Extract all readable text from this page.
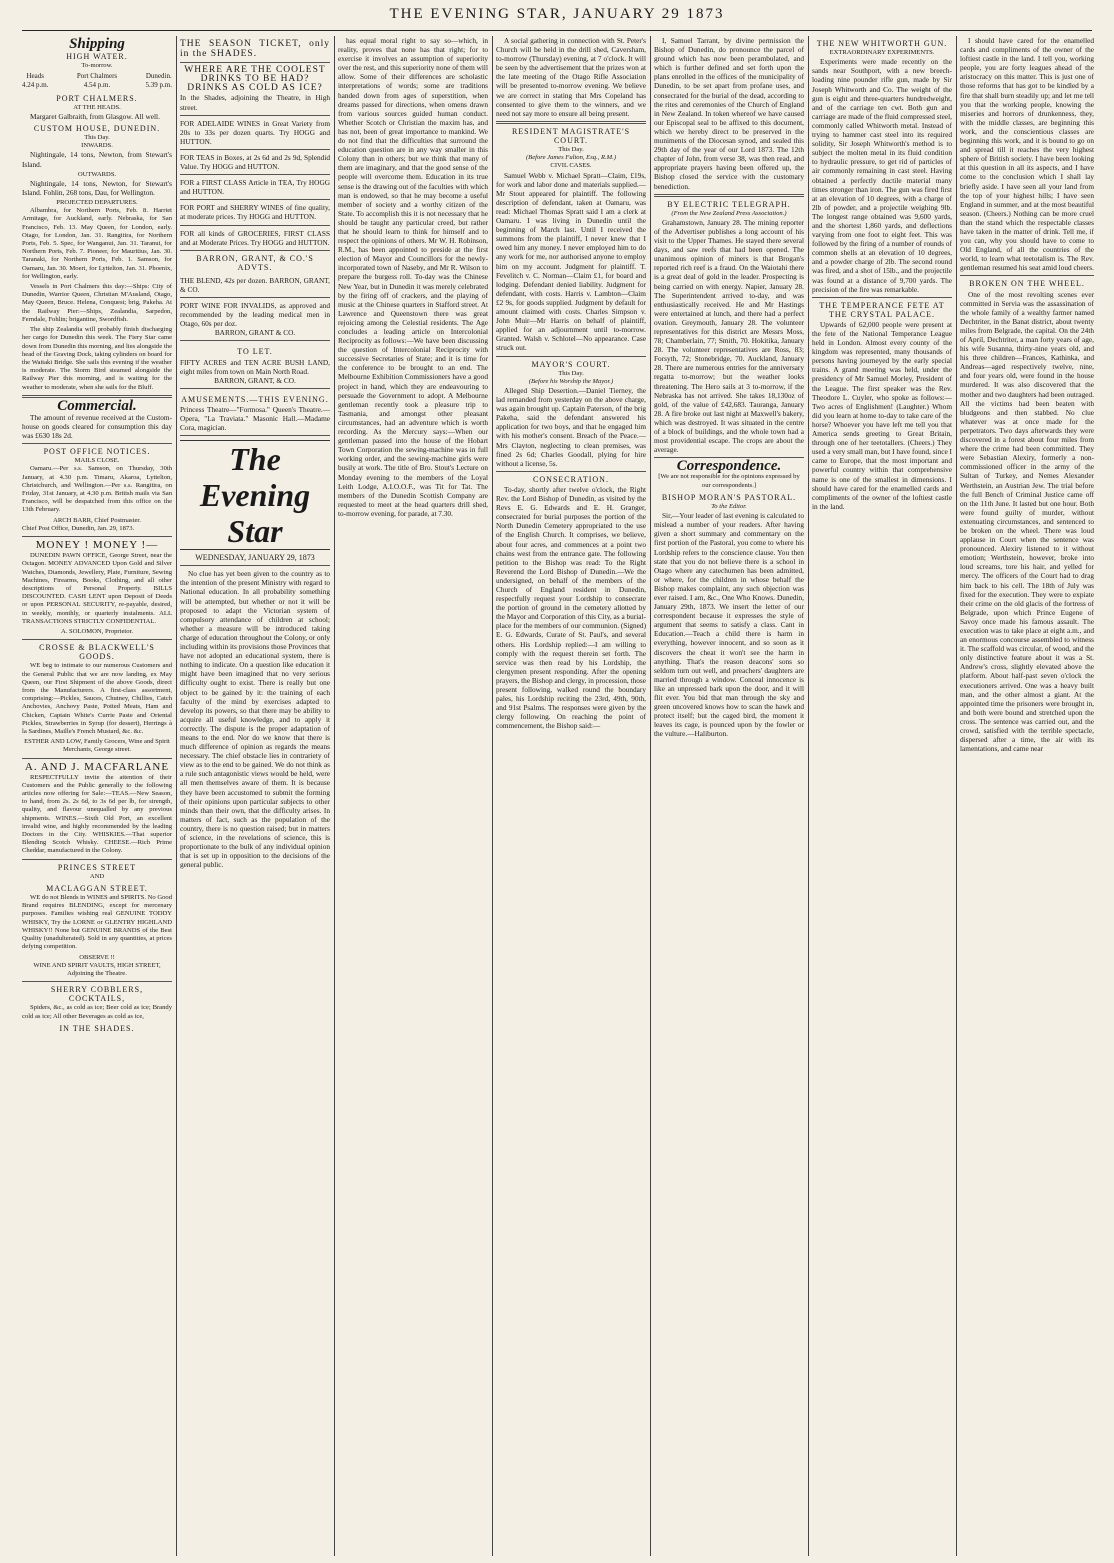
THE EVENING STAR, JANUARY 29 1873
Shipping
HIGH WATER.
To-morrow.
Heads
4.24 p.m.
Port Chalmers
4.54 p.m.
Dunedin.
5.39 p.m.
PORT CHALMERS.
AT THE HEADS.

Margaret Galbraith, from Glasgow. All well.

CUSTOM HOUSE, DUNEDIN.
This Day.
INWARDS.

Nightingale, 14 tons, Newton, from Stewart's Island.

OUTWARDS.

Nightingale, 14 tons, Newton, for Stewart's Island. Fohlin, 268 tons, Dau, for Wellington.

PROJECTED DEPARTURES.

Albambra, for Northern Ports, Feb. 8. Harriet Armitage, for Auckland, early. Nebraska, for San Francisco, Feb. 13. May Queen, for London, early. Otago, for London, Jan. 31. Rangitira, for Northern Ports, Feb. 5. Spec, for Wanganui, Jan. 31. Taranui, for Northern Ports, Feb. 7. Pioneer, for Mauritius, Jan. 30. Taranaki, for Northern Ports, Feb. 1. Samson, for Oamaru, Jan. 30. Moeri, for Lyttelton, Jan. 31. Phoenix, for Wellington, early.

Vessels in Port Chalmers this day:—Ships: City of Dunedin, Warrior Queen, Christian M'Ausland, Otago, May Queen, Bruce. Helena, Conquest; brig, Pakeha. At the Railway Pier:—Ships, Zealandia, Sarpedon, Ferndale, Fohlin; brigantine, Swordfish.

The ship Zealandia will probably finish discharging her cargo for Dunedin this week. The Fiery Star came down from Dunedin this morning, and lies alongside the head of the Graving Dock, taking cylinders on board for the Waitaki Bridge. She sails this evening if the weather is moderate. The Storm Bird steamed alongside the Railway Pier this morning, and is waiting for the weather to moderate, when she sails for the Bluff.

Commercial.

The amount of revenue received at the Custom-house on goods cleared for consumption this day was £630 18s 2d.

POST OFFICE NOTICES.
MAILS CLOSE.

Oamaru.—Per s.s. Samson, on Thursday, 30th January, at 4.30 p.m. Timaru, Akaroa, Lyttelton, Christchurch, and Wellington.—Per s.s. Rangitira, on Friday, 31st January, at 4.30 p.m. British mails via San Francisco, will be despatched from this office on the 13th February.

ARCH BARR, Chief Postmaster.
Chief Post Office, Dunedin, Jan. 29, 1873.
MONEY ! MONEY !—

DUNEDIN PAWN OFFICE, George Street, near the Octagon. MONEY ADVANCED Upon Gold and Silver Watches, Diamonds, Jewellery, Plate, Furniture, Sewing Machines, Firearms, Books, Clothing, and all other descriptions of Personal Property. BILLS DISCOUNTED. CASH LENT upon Deposit of Deeds or upon PERSONAL SECURITY, re-payable, desired, in weekly, monthly, or quarterly instalments. ALL TRANSACTIONS STRICTLY CONFIDENTIAL.

A. SOLOMON, Proprietor.
CROSSE & BLACKWELL'S GOODS.

WE beg to intimate to our numerous Customers and the General Public that we are now landing, ex May Queen, our First Shipment of the above Goods, direct from the Manufacturers. A first-class assortment, comprising:—Pickles, Sauces, Chutney, Chillies, Catch Anchovies, Anchovy Paste, Potted Meats, Ham and Chicken, Captain White's Currie Paste and Oriental Pickles, Strawberries in Syrup (for dessert), Herrings à la Sardines, Maille's French Mustard, &c. &c.

ESTHER AND LOW, Family Grocers, Wine and Spirit Merchants, George street.
A. AND J. MACFARLANE

RESPECTFULLY invite the attention of their Customers and the Public generally to the following articles now offering for Sale:—TEAS.—New Season, to hand, from 2s. 2s 6d, to 3s 6d per lb, for strength, quality, and flavour unequalled by any previous shipments. WINES.—Sixth Old Port, an excellent invalid wine, and highly recommended by the leading Doctors in the City. WHISKIES.—That superior Blending Scotch Whisky. CHEESE.—Rich Prime Cheddar, manufactured in the Colony.

PRINCES STREET
AND
MACLAGGAN STREET.

WE do not Blends in WINES and SPIRITS. No Good Brand requires BLENDING, except for mercenary purposes. Families wishing real GENUINE TODDY WHISKY, Try the LORNE or GLENTRY HIGHLAND WHISKY!! None but GENUINE BRANDS of the Best Quality (unadulterated). Sold in any quantities, at prices defying competition.

OBSERVE !!
WINE AND SPIRIT VAULTS, HIGH STREET, Adjoining the Theatre.
SHERRY COBBLERS, COCKTAILS,

Spiders, &c., as cold as ice; Beer cold as ice; Brandy cold as ice; All other Beverages as cold as ice,

IN THE SHADES.
THE SEASON TICKET, only in the SHADES.
WHERE ARE THE COOLEST DRINKS TO BE HAD?
DRINKS AS COLD AS ICE?
In the Shades, adjoining the Theatre, in High street.
FOR ADELAIDE WINES in Great Variety from 20s to 33s per dozen quarts. Try HOGG and HUTTON.
FOR TEAS in Boxes, at 2s 6d and 2s 9d, Splendid Value. Try HOGG and HUTTON.
FOR a FIRST CLASS Article in TEA, Try HOGG and HUTTON.
FOR PORT and SHERRY WINES of fine quality, at moderate prices. Try HOGG and HUTTON.
FOR all kinds of GROCERIES, FIRST CLASS and at Moderate Prices. Try HOGG and HUTTON.
BARRON, GRANT, & CO.'S ADVTS.
THE BLEND, 42s per dozen. BARRON, GRANT, & CO.
PORT WINE FOR INVALIDS, as approved and recommended by the leading medical men in Otago, 60s per doz.
BARRON, GRANT & CO.
TO LET.
FIFTY ACRES and TEN ACRE BUSH LAND, eight miles from town on Main North Road.
BARRON, GRANT, & CO.
AMUSEMENTS.—THIS EVENING.
Princess Theatre—"Formosa." Queen's Theatre.—Opera, "La Traviata." Masonic Hall.—Madame Cora, magician.
The Evening Star
WEDNESDAY, JANUARY 29, 1873

No clue has yet been given to the country as to the intention of the present Ministry with regard to National education. In all probability something will be attempted, but whether or not it will be proposed to adapt the Victorian system of compulsory attendance of children at school; whether a measure will be introduced taking charge of education throughout the Colony, or only including within its provisions those Provinces that have not adopted an educational system, there is nothing to indicate. On a question like education it might have been imagined that no very serious difficulty ought to exist. There is really but one object to be gained by it: the training of each faculty of the mind by exercises adapted to develop its powers, so that there may be ability to acquire all useful knowledge, and to apply it correctly. The dispute is the proper adaptation of means to the end. Nor do we know that there is much difference of opinion as regards the means necessary. The chief obstacle lies in contrariety of view as to the end to be gained. We do not think as a rule such antagonistic views would be held, were all men themselves aware of them. It is because they have been accustomed to submit the forming of their opinions upon particular subjects to other minds than their own, that the difficulty arises. In matters of fact, such as the population of the country, there is no question raised; but in matters of science, in the revelations of science, this is proportionate to the bulk of any individual opinion that is set up in opposition to the decisions of the general public.

has equal moral right to say so—which, in reality, proves that none has that right; for to exercise it involves an assumption of superiority over the rest, and this superiority none of them will allow. Some of their differences are scholastic interpretations of words; some are traditions handed down from ages of superstition, when dreams passed for directions, when omens drawn from various sources guided human conduct. Whether Scotch or Christian the maxim has, and has not, been of great importance to mankind. We do not find that the difficulties that surround the education question are in any way smaller in this Colony than in others; but we think that many of them are imaginary, and that the good sense of the people will overcome them. Education in its true sense is the drawing out of the faculties with which man is endowed, so that he may become a useful member of society and a worthy citizen of the State. To accomplish this it is not necessary that he should be taught any particular creed, but rather that he should learn to think for himself and to respect the opinions of others. Mr W. H. Robinson, R.M., has been appointed to preside at the first election of Mayor and Councillors for the newly-incorporated town of Naseby, and Mr R. Wilson to prepare the burgess roll. To-day was the Chinese New Year, but in Dunedin it was merely celebrated by the firing off of crackers, and the playing of music at the Chinese quarters in Stafford street. At Lawrence and Queenstown there was great rejoicing among the Celestial residents. The Age concludes a leading article on Intercolonial Reciprocity as follows:—We have been discussing the question of Intercolonial Reciprocity with successive Secretaries of State; and it is time for the conference to be brought to an end. The Melbourne Exhibition Commissioners have a good project in hand, which they are endeavouring to persuade the Government to adopt. A Melbourne gentleman recently took a pleasure trip to Tasmania, and amongst other pleasant circumstances, had an adventure which is worth recording. As the Mercury says:—When our gentleman passed into the house of the Hobart Town Corporation the sewing-machine was in full working order, and the sewing-machine girls were busily at work. The title of Bro. Stout's Lecture on Monday evening to the members of the Loyal Leith Lodge, A.I.O.O.F., was Tit for Tat. The members of the Dunedin Scottish Company are requested to meet at the head quarters drill shed, to-morrow evening, for parade, at 7.30.

A social gathering in connection with St. Peter's Church will be held in the drill shed, Caversham, to-morrow (Thursday) evening, at 7 o'clock. It will be seen by the advertisement that the prizes won at the late meeting of the Otago Rifle Association will be presented to-morrow evening. We believe we are correct in stating that Mrs Copeland has consented to give them to the winners, and we need not say more to ensure all being present.

RESIDENT MAGISTRATE'S COURT.
This Day.
(Before James Fulton, Esq., R.M.)
CIVIL CASES.

Samuel Webb v. Michael Spratt—Claim, £19s, for work and labor done and materials supplied.—Mr Stout appeared for plaintiff. The following description of defendant, taken at Oamaru, was read: Michael Thomas Spratt said I am a clerk at Oamaru. I was living in Dunedin until the beginning of March last. Until I received the summons from the plaintiff, I never knew that I owed him any money. I never employed him to do any work for me, nor authorised anyone to employ him on my account. Judgment for plaintiff. T. Fevelitch v. C. Norman—Claim £1, for board and lodging. Defendant denied liability. Judgment for defendant, with costs. Harris v. Lambton—Claim £2 9s, for goods supplied. Judgment by default for amount claimed with costs. Charles Simpson v. John Muir—Mr Harris on behalf of plaintiff, applied for an adjournment until to-morrow. Granted. Walsh v. Schlotel—No appearance. Case struck out.

MAYOR'S COURT.
This Day.
(Before his Worship the Mayor.)

Alleged Ship Desertion.—Daniel Tierney, the lad remanded from yesterday on the above charge, was again brought up. Captain Paterson, of the brig Pakeha, said the defendant answered his application for two boys, and that he engaged him with his mother's consent. Breach of the Peace.—Mrs Clayton, neglecting to clean premises, was fined 2s 6d; Charles Goodall, plying for hire without a license, 5s.

CONSECRATION.

To-day, shortly after twelve o'clock, the Right Rev. the Lord Bishop of Dunedin, as visited by the Revs E. G. Edwards and E. H. Granger, consecrated for burial purposes the portion of the North Dunedin Cemetery appropriated to the use of the English Church. It comprises, we believe, about four acres, and commences at a point two chains west from the entrance gate. The following petition to the Bishop was read: To the Right Reverend the Lord Bishop of Dunedin.—We the undersigned, on behalf of the members of the Church of England resident in Dunedin, respectfully request your Lordship to consecrate the portion of ground in the cemetery allotted by the Mayor and Corporation of this City, as a burial-place for the members of our communion. (Signed) E. G. Edwards, Curate of St. Paul's, and several others. His Lordship replied:—I am willing to comply with the request therein set forth. The service was then read by his Lordship, the clergymen present responding. After the opening prayers, the Bishop and clergy, in procession, those present following, walked round the boundary pales, his Lordship reciting the 23rd, 49th, 90th, and 91st Psalms. The responses were given by the clergy following. On reaching the point of commencement, the Bishop said:—

I, Samuel Tarrant, by divine permission the Bishop of Dunedin, do pronounce the parcel of ground which has now been perambulated, and which is further defined and set forth upon the plans enrolled in the offices of the municipality of Dunedin, to be set apart from profane uses, and consecrated for the burial of the dead, according to the rites and ceremonies of the Church of England in New Zealand. In token whereof we have caused our Episcopal seal to be affixed to this document, which we hereby direct to be preserved in the muniments of the Diocesan synod, and sealed this 29th day of the year of our Lord 1873. The 12th chapter of John, from verse 38, was then read, and appropriate prayers having been offered up, the Bishop closed the service with the customary benediction.

BY ELECTRIC TELEGRAPH.
(From the New Zealand Press Association.)

Grahamstown, January 28. The mining reporter of the Advertiser publishes a long account of his visit to the Upper Thames. He stayed there several days, and saw reefs that had been opened. The unanimous opinion of miners is that Brogan's reported rich reef is a fraud. On the Waiotahi there is a great deal of gold in the leader. Prospecting is being carried on with energy. Napier, January 28. The Superintendent arrived to-day, and was enthusiastically received. He and Mr Hastings were entertained at lunch, and there had a perfect ovation. Greymouth, January 28. The volunteer representatives for this district are Messrs Moss, 78; Chamberlain, 77; Smith, 70. Hokitika, January 28. The volunteer representatives are Ross, 83; Forsyth, 72; Stonebridge, 70. Auckland, January 28. There are numerous entries for the anniversary regatta to-morrow; but the weather looks threatening. The Hero sails at 3 to-morrow, if the Nebraska has not arrived. She takes 18,130oz of gold, of the value of £42,683. Tauranga, January 28. A fire broke out last night at Maxwell's bakery, which was destroyed. It was situated in the centre of a block of buildings, and the whole town had a most providential escape. The crops are about the average.

Correspondence.
[We are not responsible for the opinions expressed by our correspondents.]
BISHOP MORAN'S PASTORAL.
To the Editor.

Sir,—Your leader of last evening is calculated to mislead a number of your readers. After having given a short summary and commentary on the first portion of the Pastoral, you come to where his Lordship refers to the conscience clause. You then state that you do not believe there is a school in Otago where any catechumen has been admitted, or where, for the children in whose behalf the Bishop makes complaint, any such objection was ever raised. I am, &c., One Who Knows. Dunedin, January 29th, 1873. We insert the letter of our correspondent because it expresses the style of argument that seems to satisfy a class. Cant in Education.—Teach a child there is harm in everything, however innocent, and so soon as it discovers the cheat it won't see the harm in anything. That's the reason deacons' sons so seldom turn out well, and preachers' daughters are married through a window. Conceal innocence is like an unpressed bark upon the door, and it will flit ever. You bid that man through the sky and green uncovered knows how to scan the hawk and protect itself; but the caged bird, the moment it leaves its cage, is pounced upon by the fowler or the vulture.—Haliburton.

THE NEW WHITWORTH GUN.
EXTRAORDINARY EXPERIMENTS.

Experiments were made recently on the sands near Southport, with a new breech-loading nine pounder rifle gun, made by Sir Joseph Whitworth and Co. The weight of the gun is eight and three-quarters hundredweight, and of the carriage ten cwt. Both gun and carriage are made of the fluid compressed steel, commonly called Whitworth metal. Instead of trying to hammer cast steel into its required solidity, Sir Joseph Whitworth's method is to subject the molten metal in its fluid condition to hydraulic pressure, to get rid of particles of air commonly remaining in cast steel. Having obtained a perfectly ductile material many times stronger than iron. The gun was fired first at an elevation of 10 degrees, with a charge of 2lb of powder, and a projectile weighing 9lb. The longest range obtained was 9,600 yards, and the shortest 1,860 yards, and deflections varying from one foot to eight feet. This was followed by the firing of a number of rounds of common shells at an elevation of 10 degrees, and a powder charge of 2lb. The second round was fired, and a shot of 15lb., and the projectile was found at a distance of 9,700 yards. The precision of the fire was remarkable.

THE TEMPERANCE FETE AT THE CRYSTAL PALACE.

Upwards of 62,000 people were present at the fete of the National Temperance League held in London. Almost every county of the kingdom was represented, many thousands of persons having journeyed by the early special trains. A grand meeting was held, under the presidency of Mr Samuel Morley, President of the League. The first speaker was the Rev. Theodore L. Cuyler, who spoke as follows:—Two acres of Englishmen! (Laughter.) Whom did you learn at home to-day to take care of the horse? Whoever you have left me tell you that America sends greeting to Great Britain, through one of her teetotallers. (Cheers.) They used a very small man, but I have found, since I came to Europe, that the most important and powerful country within that comprehensive name is one of the smallest in dimensions. I should have cared for the enamelled cards and compliments of the owner of the loftiest castle in the land.

I should have cared for the enamelled cards and compliments of the owner of the loftiest castle in the land. I tell you, working people, you are forty leagues ahead of the aristocracy on this matter. This is just one of those reforms that has got to be kindled by a fire that shall burn steadily up; and let me tell you that the working people, knowing the miseries and horrors of drunkenness, they, with the middle classes, are beginning this work, and the conscientious classes are beginning this work, and it is bound to go on and spread till it reaches the very highest sphere of British society. I have been looking at this question in all its aspects, and I have come to the conclusion which I shall lay briefly aside. I have seen all your land from the top of your highest hills; I have seen England in summer, and at the most beautiful season. (Cheers.) Nothing can be more cruel than the stand which the respectable classes have taken in the matter of drink. Tell me, if you can, why you should have to come to Old England, of all the countries of the world, to learn what teetotalism is. The Rev. gentleman resumed his seat amid loud cheers.

BROKEN ON THE WHEEL.

One of the most revolting scenes ever committed in Servia was the assassination of the whole family of a wealthy farmer named Dechtriter, in the Banat district, about twenty miles from Belgrade, the capital. On the 24th of April, Dechtriter, a man forty years of age, his wife Susanna, thirty-nine years old, and his three children—Frances, Kathinka, and Andreas—aged respectively twelve, nine, and four years old, were found in the house murdered. It was also discovered that the mother and two daughters had been outraged. All the victims had been beaten with bludgeons and then stabbed. No clue whatever was at once made for the perpetrators. Two days afterwards they were discovered in a forest about four miles from where the crime had been committed. They were Sebastian Alexiry, formerly a non-commissioned officer in the army of the Sultan of Turkey, and Nemes Alexander Werthstein, an Austrian Jew. The trial before the full Bench of Criminal Justice came off on the 11th June. It lasted but one hour. Both were found guilty of murder, without extenuating circumstances, and sentenced to be broken on the wheel. There was loud applause in Court when the sentence was pronounced. Alexiry listened to it without emotion; Werthstein, however, broke into loud screams, tore his hair, and yelled for mercy. The officers of the Court had to drag him back to his cell. The 18th of July was fixed for the execution. They were to expiate their crime on the old glacis of the fortress of Belgrade, upon which Prince Eugene of Savoy once made his famous assault. The execution was to take place at eight a.m., and an enormous concourse assembled to witness it. The scaffold was circular, of wood, and the only distinctive feature about it was a St. Andrew's cross, slightly elevated above the platform. About half-past seven o'clock the executioners arrived. One was a heavy built man, and the other almost a giant. At the appointed time the prisoners were brought in, and both were bound and stretched upon the cross. The sentence was carried out, and the crowd, satisfied with the terrible spectacle, dispersed after a time, the air with its lamentations, and came near
